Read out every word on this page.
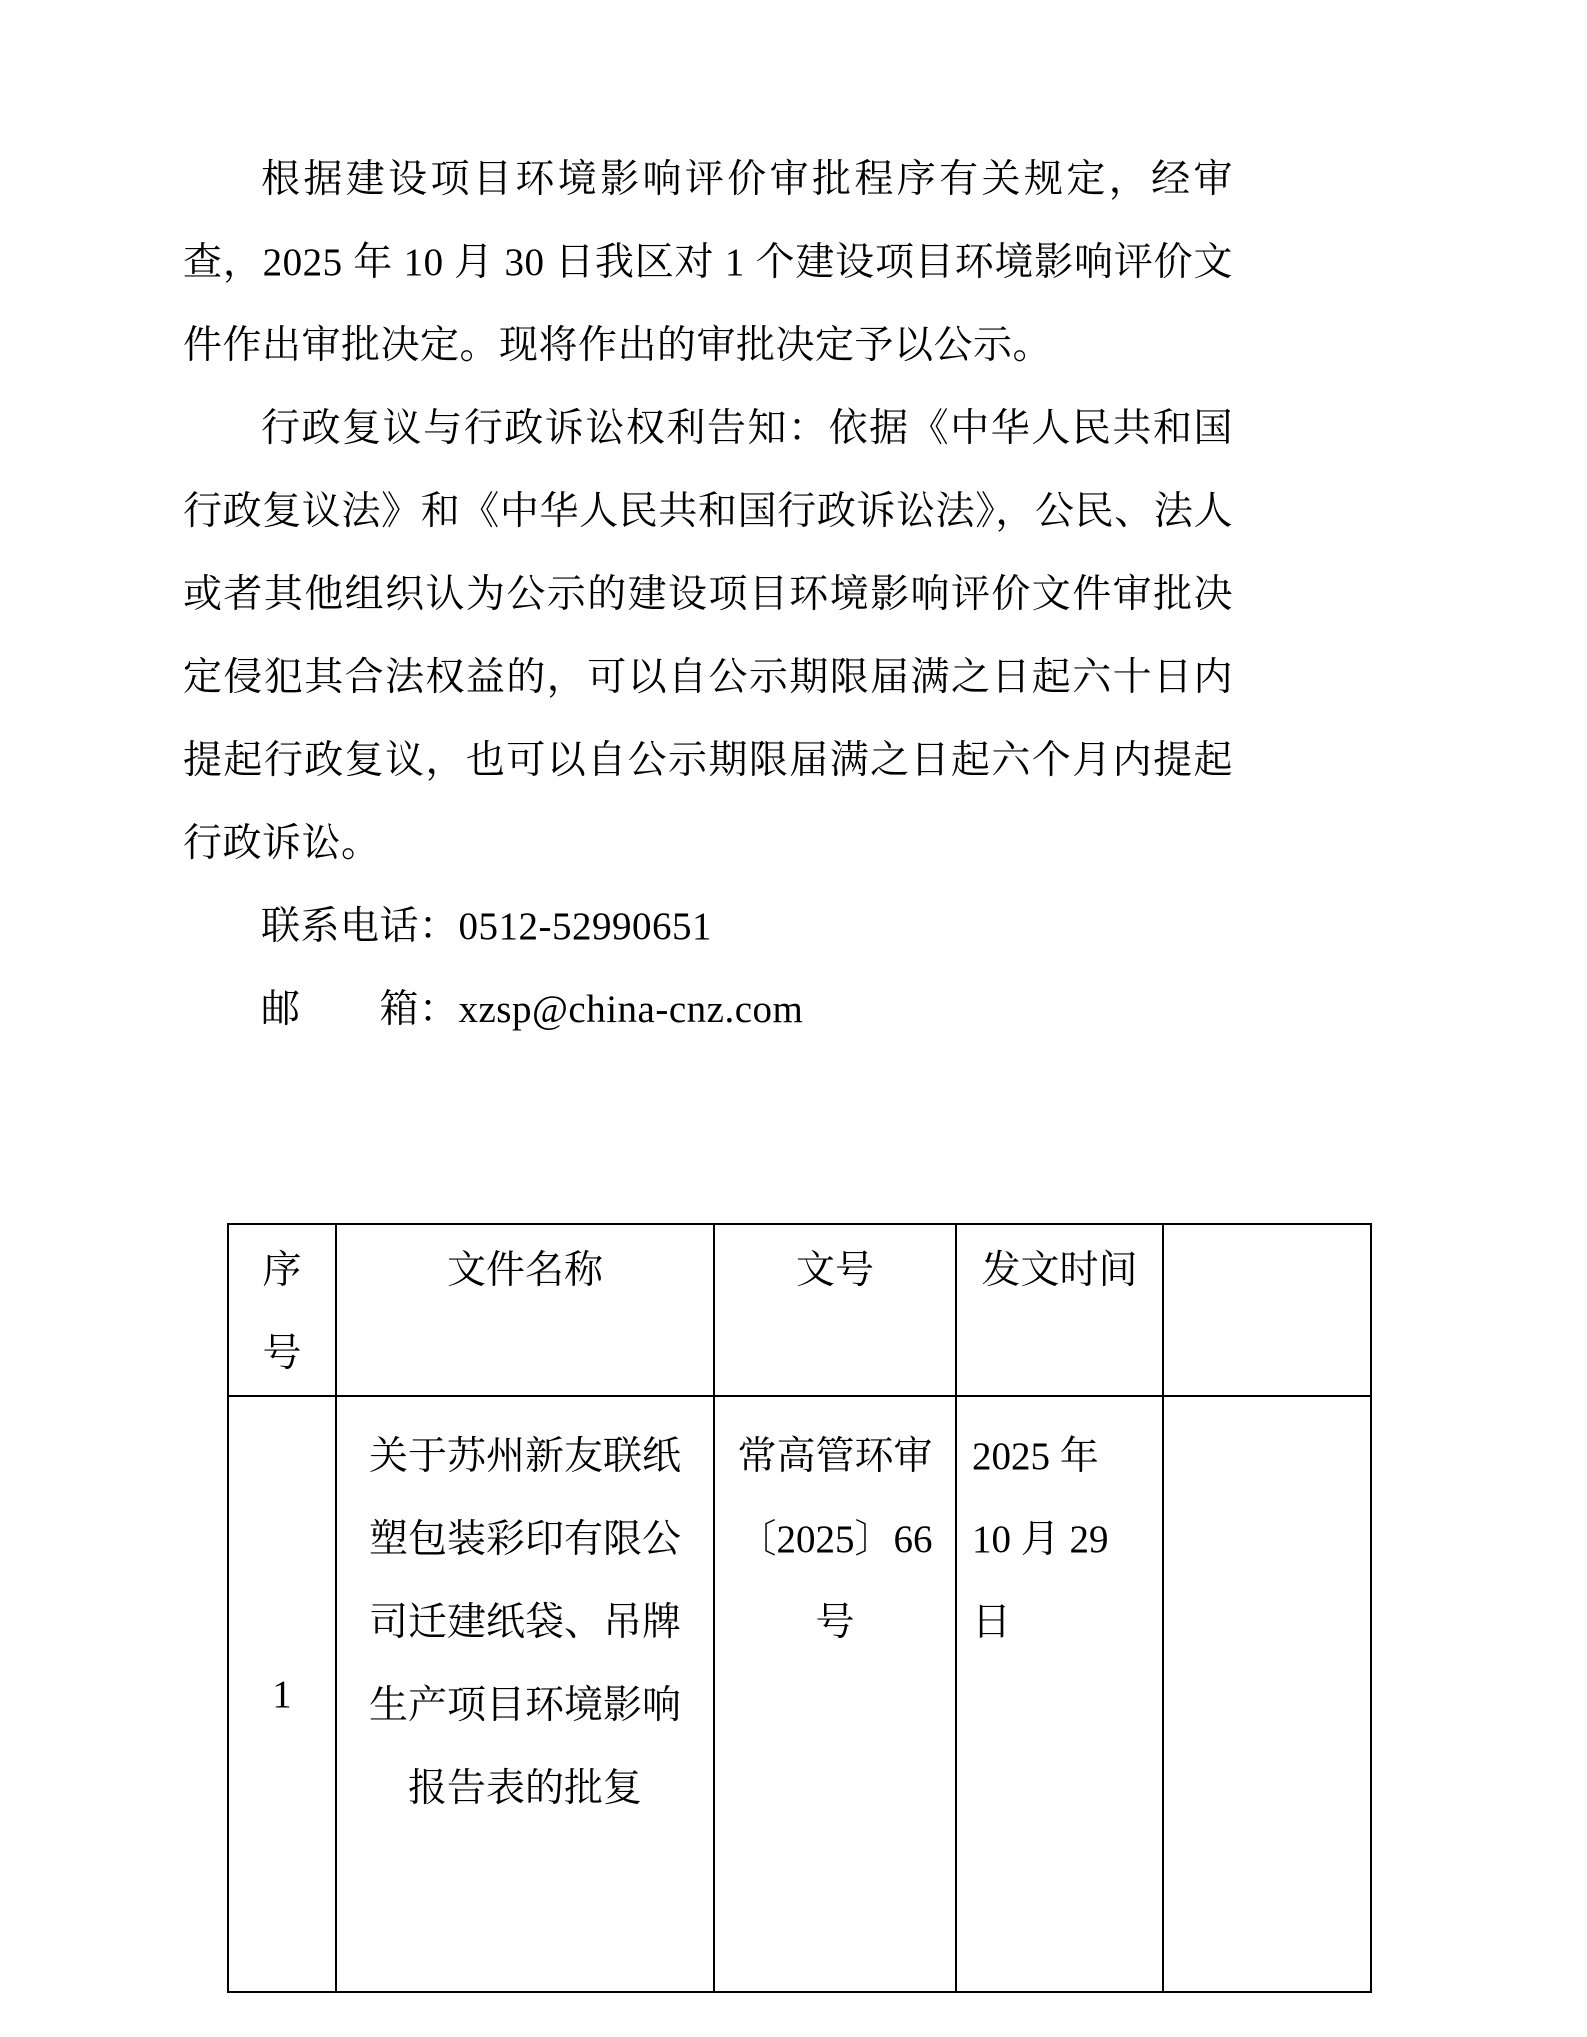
根据建设项目环境影响评价审批程序有关规定，经审查，2025 年 10 月 30 日我区对 1 个建设项目环境影响评价文件作出审批决定。现将作出的审批决定予以公示。

行政复议与行政诉讼权利告知：依据《中华人民共和国行政复议法》和《中华人民共和国行政诉讼法》，公民、法人或者其他组织认为公示的建设项目环境影响评价文件审批决定侵犯其合法权益的，可以自公示期限届满之日起六十日内提起行政复议，也可以自公示期限届满之日起六个月内提起行政诉讼。

联系电话：0512-52990651

邮　　箱：xzsp@china-cnz.com

序号	文件名称	文号	发文时间	
1	关于苏州新友联纸塑包装彩印有限公司迁建纸袋、吊牌生产项目环境影响报告表的批复	常高管环审〔2025〕66 号	2025 年 10 月 29 日	
